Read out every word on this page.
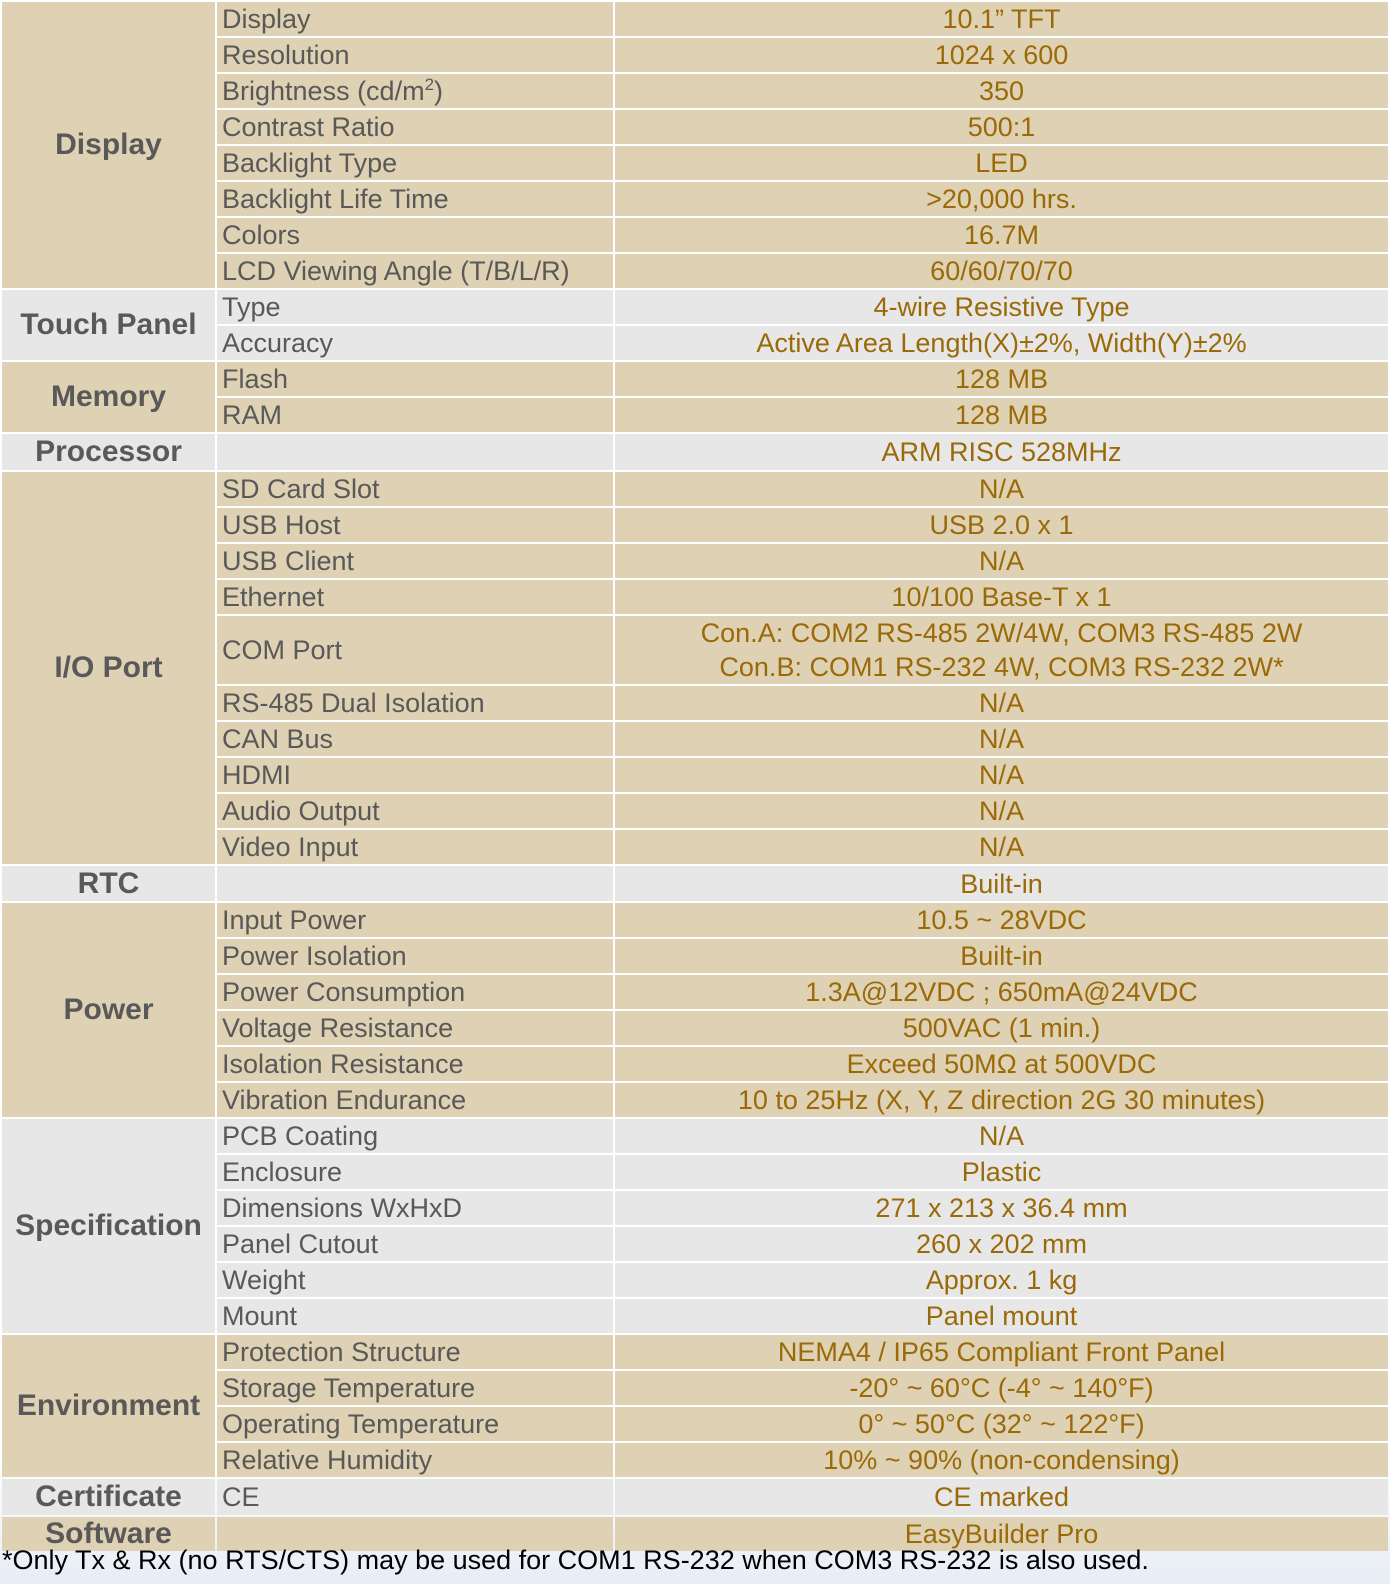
Display	Display	10.1” TFT
	Resolution	1024 x 600
	Brightness $(cd/m^2)$	350
	Contrast Ratio	500:1
	Backlight Type	LED
	Backlight Life Time	>20,000 hrs.
	Colors	16.7M
	LCD Viewing Angle (T/B/L/R)	60/60/70/70
Touch Panel	Type	4-wire Resistive Type
	Accuracy	Active Area Length(X)±2%, Width(Y)±2%
Memory	Flash	128 MB
	RAM	128 MB
Processor		ARM RISC 528MHz
I/O Port	SD Card Slot	N/A
	USB Host	USB 2.0 x 1
	USB Client	N/A
	Ethernet	10/100 Base-T x 1
	COM Port	Con.A: COM2 RS-485 2W/4W, COM3 RS-485 2W
Con.B: COM1 RS-232 4W, COM3 RS-232 2W*

	RS-485 Dual Isolation	N/A
	CAN Bus	N/A
	HDMI	N/A
	Audio Output	N/A
	Video Input	N/A
RTC		Built-in
Power	Input Power	10.5 ~ 28VDC
	Power Isolation	Built-in
	Power Consumption	1.3A@12VDC ; 650mA@24VDC
	Voltage Resistance	500VAC (1 min.)
	Isolation Resistance	Exceed 50MΩ at 500VDC
	Vibration Endurance	10 to 25Hz (X, Y, Z direction 2G 30 minutes)
Specification	PCB Coating	N/A
	Enclosure	Plastic
	Dimensions WxHxD	271 x 213 x 36.4 mm
	Panel Cutout	260 x 202 mm
	Weight	Approx. 1 kg
	Mount	Panel mount
Environment	Protection Structure	NEMA4 / IP65 Compliant Front Panel
	Storage Temperature	-20° ~ 60°C (-4° ~ 140°F)
	Operating Temperature	0° ~ 50°C (32° ~ 122°F)
	Relative Humidity	10% ~ 90% (non-condensing)
Certificate	CE	CE marked
Software		EasyBuilder Pro
*Only Tx & Rx (no RTS/CTS) may be used for COM1 RS-232 when COM3 RS-232 is also used.
